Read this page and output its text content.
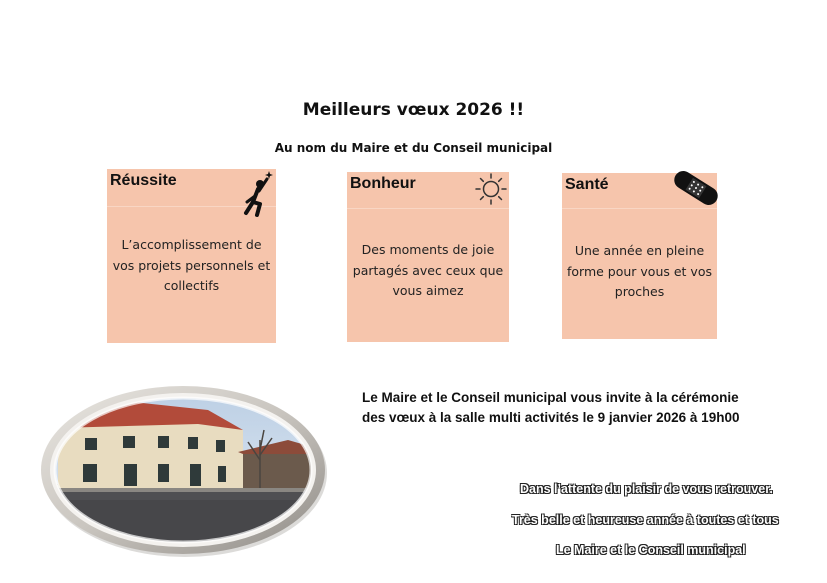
Meilleurs vœux 2026 !!
Au nom du Maire et du Conseil municipal
Réussite
L’accomplissement de
vos projets personnels et
collectifs
Bonheur
Des moments de joie
partagés avec ceux que
vous aimez
Santé
Une année en pleine
forme pour vous et vos
proches
Le Maire et le Conseil municipal vous invite à la cérémonie
des vœux à la salle multi activités le 9 janvier 2026 à 19h00
Dans l’attente du plaisir de vous retrouver.
Très belle et heureuse année à toutes et tous
Le Maire et le Conseil municipal
